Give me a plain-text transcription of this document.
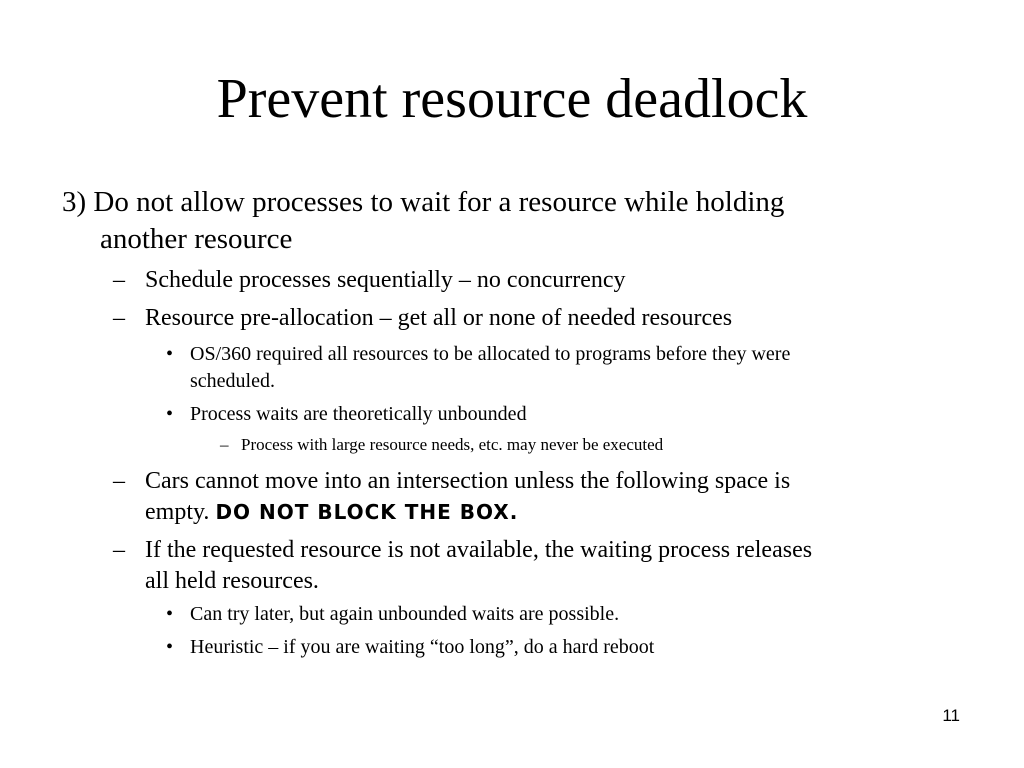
Prevent resource deadlock
3) Do not allow processes to wait for a resource while holding
another resource
– Schedule processes sequentially – no concurrency
– Resource pre-allocation – get all or none of needed resources
• OS/360 required all resources to be allocated to programs before they were
scheduled.
• Process waits are theoretically unbounded
– Process with large resource needs, etc. may never be executed
– Cars cannot move into an intersection unless the following space is
empty. DO NOT BLOCK THE BOX.
– If the requested resource is not available, the waiting process releases
all held resources.
• Can try later, but again unbounded waits are possible.
• Heuristic – if you are waiting “too long”, do a hard reboot
11
